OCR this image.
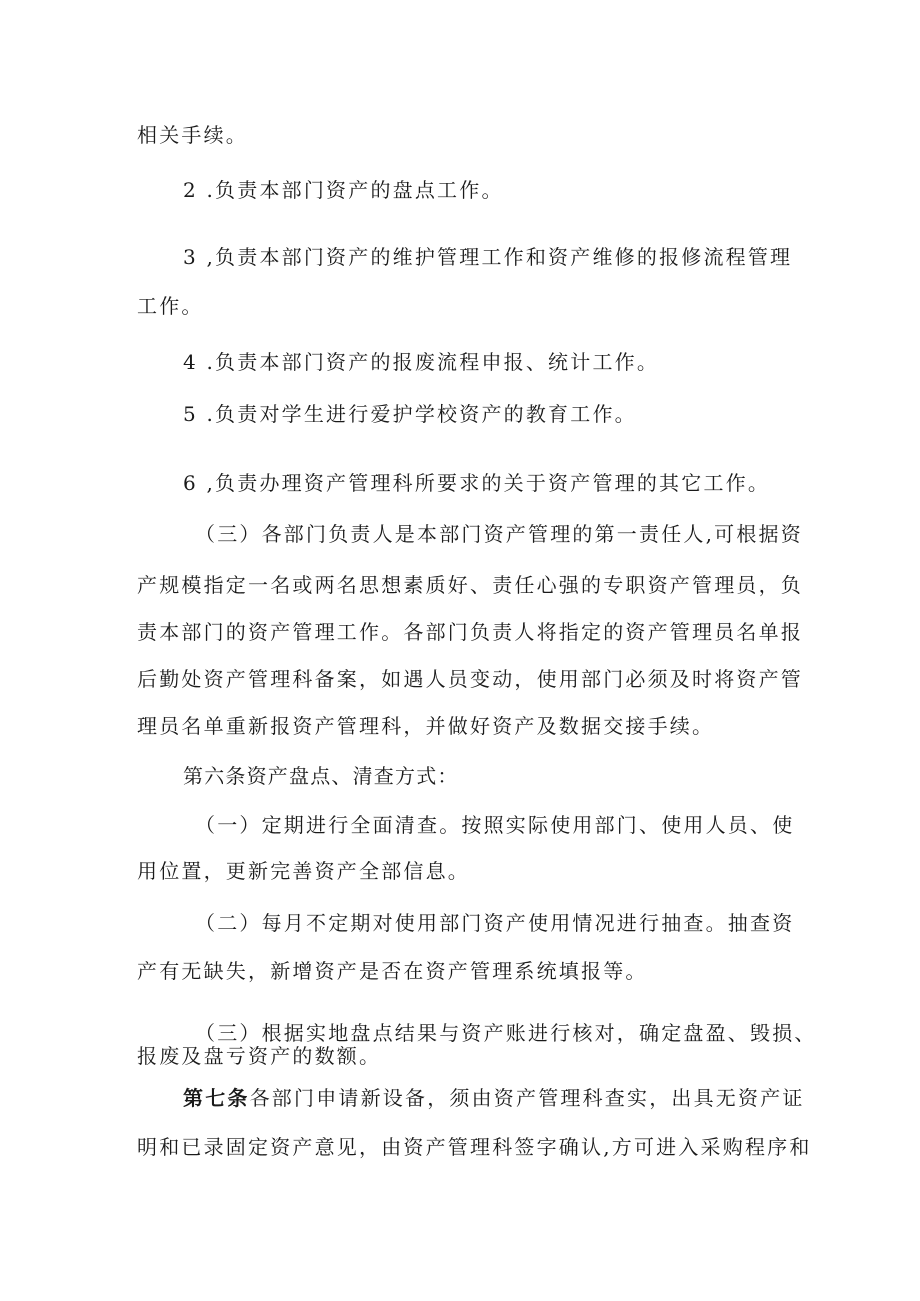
相关手续。
2 .负责本部门资产的盘点工作。
3 ,负责本部门资产的维护管理工作和资产维修的报修流程管理
工作。
4 .负责本部门资产的报废流程申报、统计工作。
5 .负责对学生进行爱护学校资产的教育工作。
6 ,负责办理资产管理科所要求的关于资产管理的其它工作。
（三）各部门负责人是本部门资产管理的第一责任人,可根据资
产规模指定一名或两名思想素质好、责任心强的专职资产管理员，负
责本部门的资产管理工作。各部门负责人将指定的资产管理员名单报
后勤处资产管理科备案，如遇人员变动，使用部门必须及时将资产管
理员名单重新报资产管理科，并做好资产及数据交接手续。
第六条资产盘点、清查方式：
（一）定期进行全面清查。按照实际使用部门、使用人员、使
用位置，更新完善资产全部信息。
（二）每月不定期对使用部门资产使用情况进行抽查。抽查资
产有无缺失，新增资产是否在资产管理系统填报等。
（三）根据实地盘点结果与资产账进行核对，确定盘盈、毁损、
报废及盘亏资产的数额。
第七条各部门申请新设备，须由资产管理科查实，出具无资产证
明和已录固定资产意见，由资产管理科签字确认,方可进入采购程序和
